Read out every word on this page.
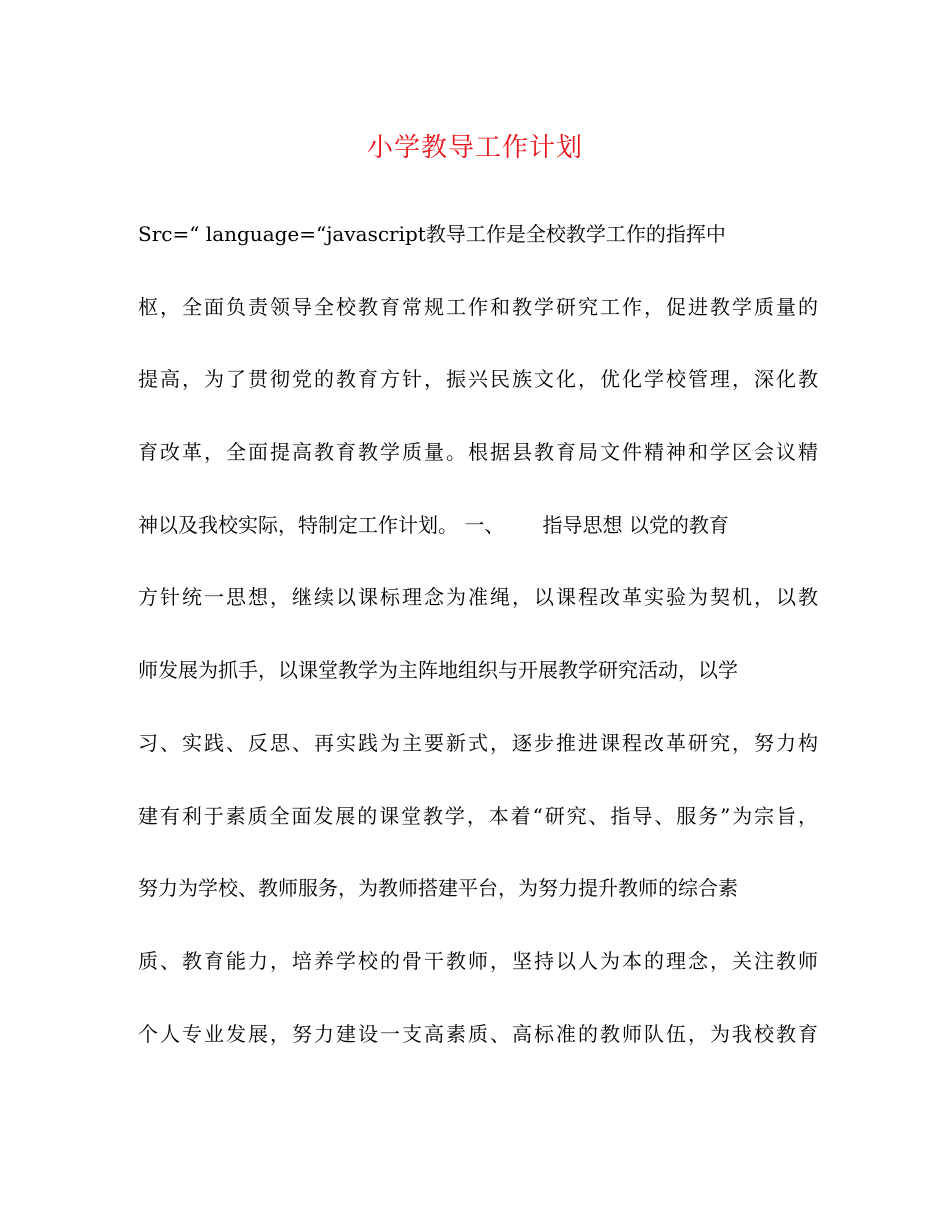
小学教导工作计划
Src=“ language=“javascript教导工作是全校教学工作的指挥中
枢，全面负责领导全校教育常规工作和教学研究工作，促进教学质量的
提高，为了贯彻党的教育方针，振兴民族文化，优化学校管理，深化教
育改革，全面提高教育教学质量。根据县教育局文件精神和学区会议精
神以及我校实际，特制定工作计划。 一、      指导思想 以党的教育
方针统一思想，继续以课标理念为准绳，以课程改革实验为契机，以教
师发展为抓手，以课堂教学为主阵地组织与开展教学研究活动，以学
习、实践、反思、再实践为主要新式，逐步推进课程改革研究，努力构
建有利于素质全面发展的课堂教学，本着“研究、指导、服务”为宗旨，
努力为学校、教师服务，为教师搭建平台，为努力提升教师的综合素
质、教育能力，培养学校的骨干教师，坚持以人为本的理念，关注教师
个人专业发展，努力建设一支高素质、高标准的教师队伍，为我校教育
